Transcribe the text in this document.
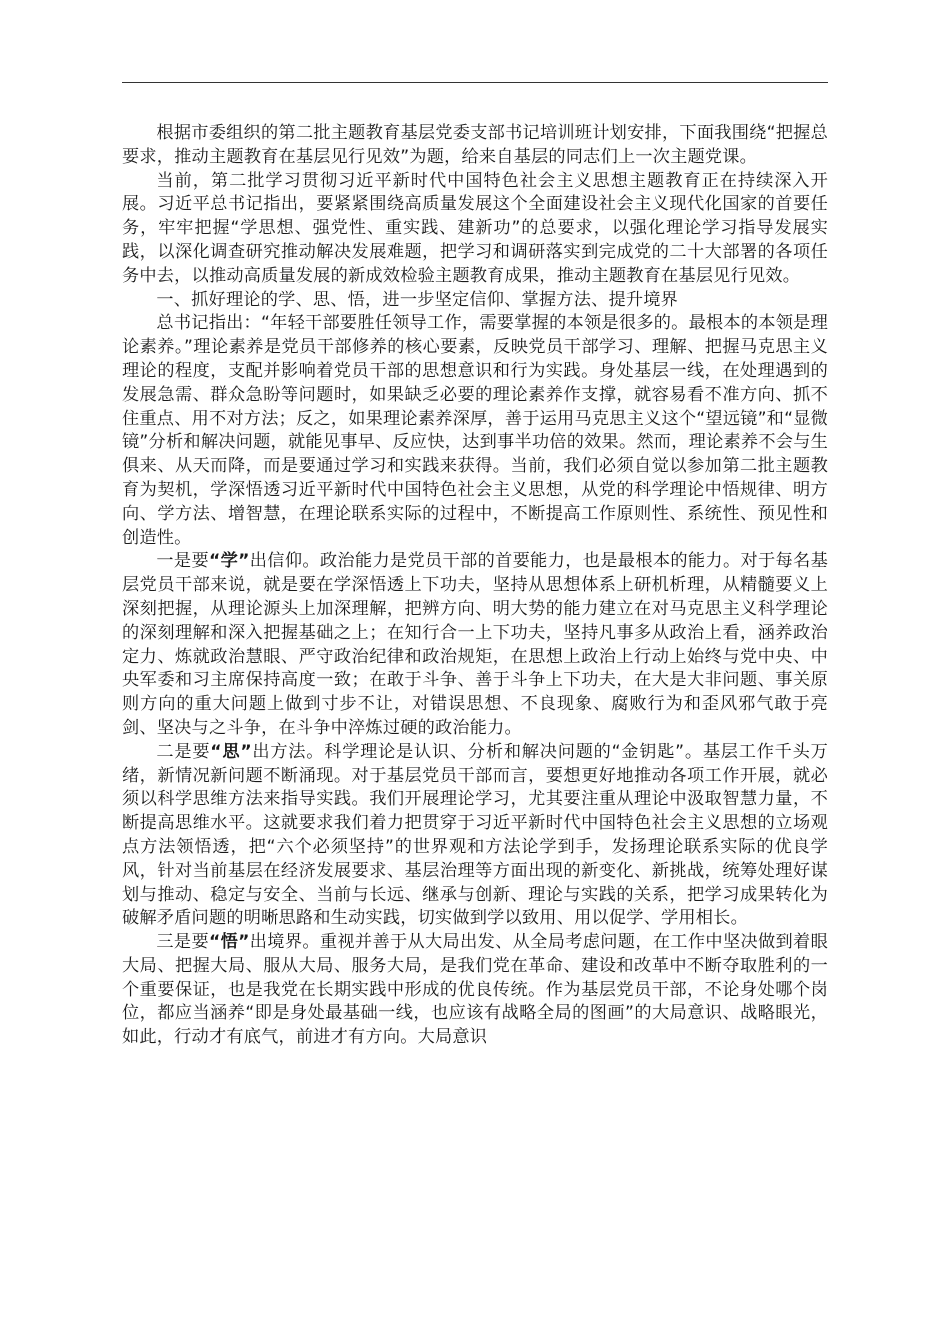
根据市委组织的第二批主题教育基层党委支部书记培训班计划安排，下面我围绕“把握总要求，推动主题教育在基层见行见效”为题，给来自基层的同志们上一次主题党课。

当前，第二批学习贯彻习近平新时代中国特色社会主义思想主题教育正在持续深入开展。习近平总书记指出，要紧紧围绕高质量发展这个全面建设社会主义现代化国家的首要任务，牢牢把握“学思想、强党性、重实践、建新功”的总要求，以强化理论学习指导发展实践，以深化调查研究推动解决发展难题，把学习和调研落实到完成党的二十大部署的各项任务中去，以推动高质量发展的新成效检验主题教育成果，推动主题教育在基层见行见效。

一、抓好理论的学、思、悟，进一步坚定信仰、掌握方法、提升境界

总书记指出：“年轻干部要胜任领导工作，需要掌握的本领是很多的。最根本的本领是理论素养。”理论素养是党员干部修养的核心要素，反映党员干部学习、理解、把握马克思主义理论的程度，支配并影响着党员干部的思想意识和行为实践。身处基层一线，在处理遇到的发展急需、群众急盼等问题时，如果缺乏必要的理论素养作支撑，就容易看不准方向、抓不住重点、用不对方法；反之，如果理论素养深厚，善于运用马克思主义这个“望远镜”和“显微镜”分析和解决问题，就能见事早、反应快，达到事半功倍的效果。然而，理论素养不会与生俱来、从天而降，而是要通过学习和实践来获得。当前，我们必须自觉以参加第二批主题教育为契机，学深悟透习近平新时代中国特色社会主义思想，从党的科学理论中悟规律、明方向、学方法、增智慧，在理论联系实际的过程中，不断提高工作原则性、系统性、预见性和创造性。

一是要“学”出信仰。政治能力是党员干部的首要能力，也是最根本的能力。对于每名基层党员干部来说，就是要在学深悟透上下功夫，坚持从思想体系上研机析理，从精髓要义上深刻把握，从理论源头上加深理解，把辨方向、明大势的能力建立在对马克思主义科学理论的深刻理解和深入把握基础之上；在知行合一上下功夫，坚持凡事多从政治上看，涵养政治定力、炼就政治慧眼、严守政治纪律和政治规矩，在思想上政治上行动上始终与党中央、中央军委和习主席保持高度一致；在敢于斗争、善于斗争上下功夫，在大是大非问题、事关原则方向的重大问题上做到寸步不让，对错误思想、不良现象、腐败行为和歪风邪气敢于亮剑、坚决与之斗争，在斗争中淬炼过硬的政治能力。

二是要“思”出方法。科学理论是认识、分析和解决问题的“金钥匙”。基层工作千头万绪，新情况新问题不断涌现。对于基层党员干部而言，要想更好地推动各项工作开展，就必须以科学思维方法来指导实践。我们开展理论学习，尤其要注重从理论中汲取智慧力量，不断提高思维水平。这就要求我们着力把贯穿于习近平新时代中国特色社会主义思想的立场观点方法领悟透，把“六个必须坚持”的世界观和方法论学到手，发扬理论联系实际的优良学风，针对当前基层在经济发展要求、基层治理等方面出现的新变化、新挑战，统筹处理好谋划与推动、稳定与安全、当前与长远、继承与创新、理论与实践的关系，把学习成果转化为破解矛盾问题的明晰思路和生动实践，切实做到学以致用、用以促学、学用相长。

三是要“悟”出境界。重视并善于从大局出发、从全局考虑问题，在工作中坚决做到着眼大局、把握大局、服从大局、服务大局，是我们党在革命、建设和改革中不断夺取胜利的一个重要保证，也是我党在长期实践中形成的优良传统。作为基层党员干部，不论身处哪个岗位，都应当涵养“即是身处最基础一线，也应该有战略全局的图画”的大局意识、战略眼光，如此，行动才有底气，前进才有方向。大局意识
